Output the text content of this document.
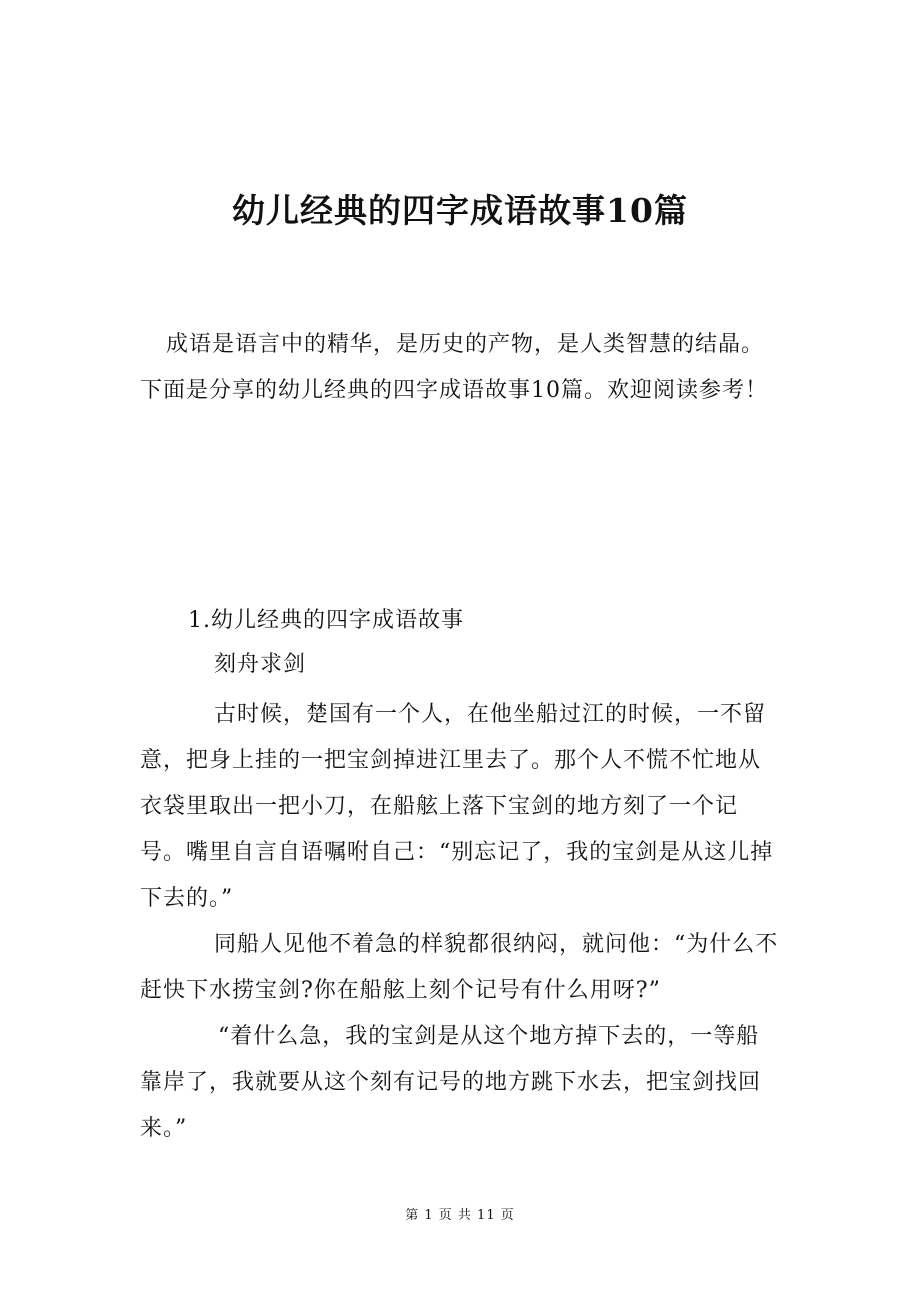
幼儿经典的四字成语故事10篇

成语是语言中的精华，是历史的产物，是人类智慧的结晶。下面是分享的幼儿经典的四字成语故事10篇。欢迎阅读参考！

1.幼儿经典的四字成语故事
刻舟求剑

古时候，楚国有一个人，在他坐船过江的时候，一不留意，把身上挂的一把宝剑掉进江里去了。那个人不慌不忙地从衣袋里取出一把小刀，在船舷上落下宝剑的地方刻了一个记号。嘴里自言自语嘱咐自己：“别忘记了，我的宝剑是从这儿掉下去的。”

同船人见他不着急的样貌都很纳闷，就问他：“为什么不赶快下水捞宝剑?你在船舷上刻个记号有什么用呀?”

“着什么急，我的宝剑是从这个地方掉下去的，一等船靠岸了，我就要从这个刻有记号的地方跳下水去，把宝剑找回来。”

第 1 页 共 11 页
